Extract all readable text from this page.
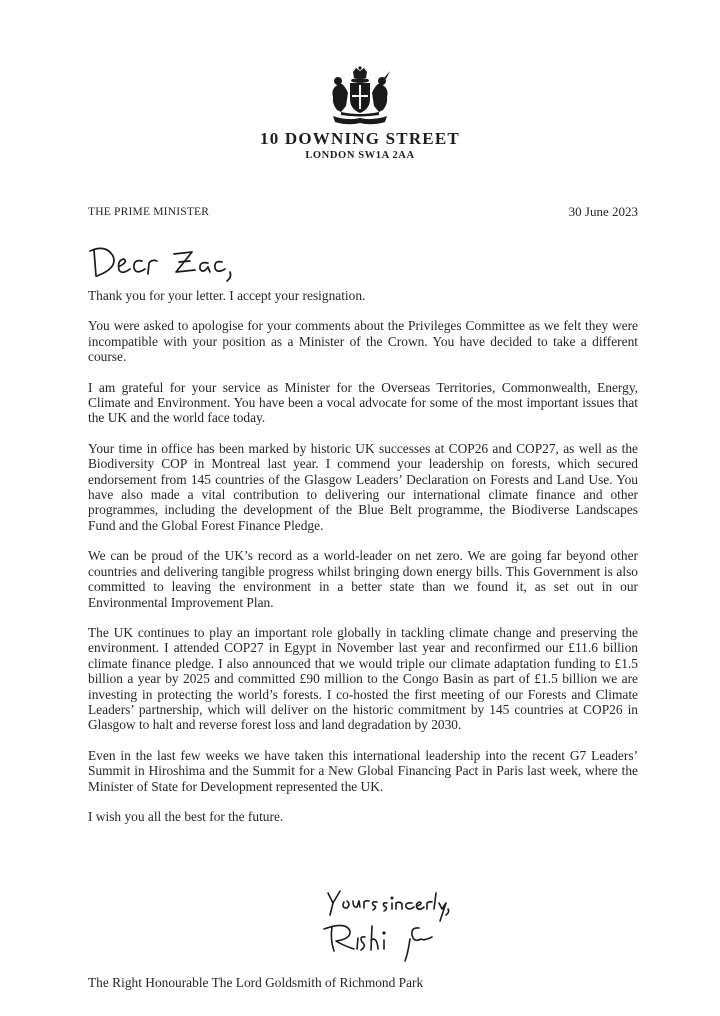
10 DOWNING STREET
LONDON SW1A 2AA
THE PRIME MINISTER	30 June 2023

Thank you for your letter. I accept your resignation.

You were asked to apologise for your comments about the Privileges Committee as we felt they were incompatible with your position as a Minister of the Crown. You have decided to take a different course.

I am grateful for your service as Minister for the Overseas Territories, Commonwealth, Energy, Climate and Environment. You have been a vocal advocate for some of the most important issues that the UK and the world face today.

Your time in office has been marked by historic UK successes at COP26 and COP27, as well as the Biodiversity COP in Montreal last year. I commend your leadership on forests, which secured endorsement from 145 countries of the Glasgow Leaders’ Declaration on Forests and Land Use. You have also made a vital contribution to delivering our international climate finance and other programmes, including the development of the Blue Belt programme, the Biodiverse Landscapes Fund and the Global Forest Finance Pledge.

We can be proud of the UK’s record as a world-leader on net zero. We are going far beyond other countries and delivering tangible progress whilst bringing down energy bills. This Government is also committed to leaving the environment in a better state than we found it, as set out in our Environmental Improvement Plan.

The UK continues to play an important role globally in tackling climate change and preserving the environment. I attended COP27 in Egypt in November last year and reconfirmed our £11.6 billion climate finance pledge. I also announced that we would triple our climate adaptation funding to £1.5 billion a year by 2025 and committed £90 million to the Congo Basin as part of £1.5 billion we are investing in protecting the world’s forests. I co-hosted the first meeting of our Forests and Climate Leaders’ partnership, which will deliver on the historic commitment by 145 countries at COP26 in Glasgow to halt and reverse forest loss and land degradation by 2030.

Even in the last few weeks we have taken this international leadership into the recent G7 Leaders’ Summit in Hiroshima and the Summit for a New Global Financing Pact in Paris last week, where the Minister of State for Development represented the UK.

I wish you all the best for the future.

The Right Honourable The Lord Goldsmith of Richmond Park
